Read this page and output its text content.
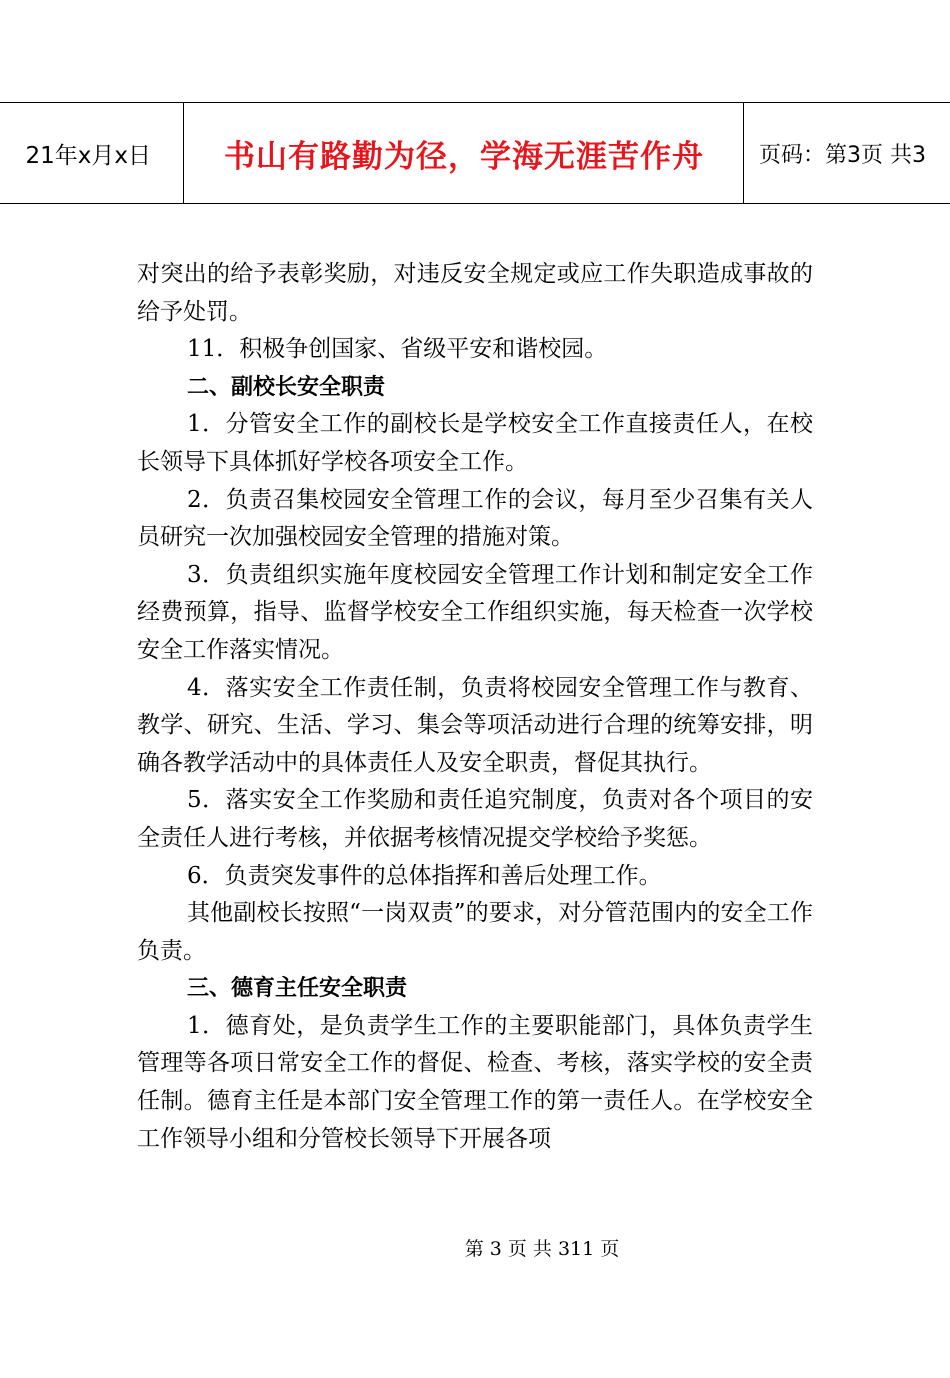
21年x月x日	书山有路勤为径，学海无涯苦作舟	页码：第3页 共3

对突出的给予表彰奖励，对违反安全规定或应工作失职造成事故的给予处罚。

11．积极争创国家、省级平安和谐校园。

二、副校长安全职责

1．分管安全工作的副校长是学校安全工作直接责任人，在校长领导下具体抓好学校各项安全工作。

2．负责召集校园安全管理工作的会议，每月至少召集有关人员研究一次加强校园安全管理的措施对策。

3．负责组织实施年度校园安全管理工作计划和制定安全工作经费预算，指导、监督学校安全工作组织实施，每天检查一次学校安全工作落实情况。

4．落实安全工作责任制，负责将校园安全管理工作与教育、教学、研究、生活、学习、集会等项活动进行合理的统筹安排，明确各教学活动中的具体责任人及安全职责，督促其执行。

5．落实安全工作奖励和责任追究制度，负责对各个项目的安全责任人进行考核，并依据考核情况提交学校给予奖惩。

6．负责突发事件的总体指挥和善后处理工作。

其他副校长按照“一岗双责”的要求，对分管范围内的安全工作负责。

三、德育主任安全职责

1．德育处，是负责学生工作的主要职能部门，具体负责学生管理等各项日常安全工作的督促、检查、考核，落实学校的安全责任制。德育主任是本部门安全管理工作的第一责任人。在学校安全工作领导小组和分管校长领导下开展各项

第 3 页 共 311 页
